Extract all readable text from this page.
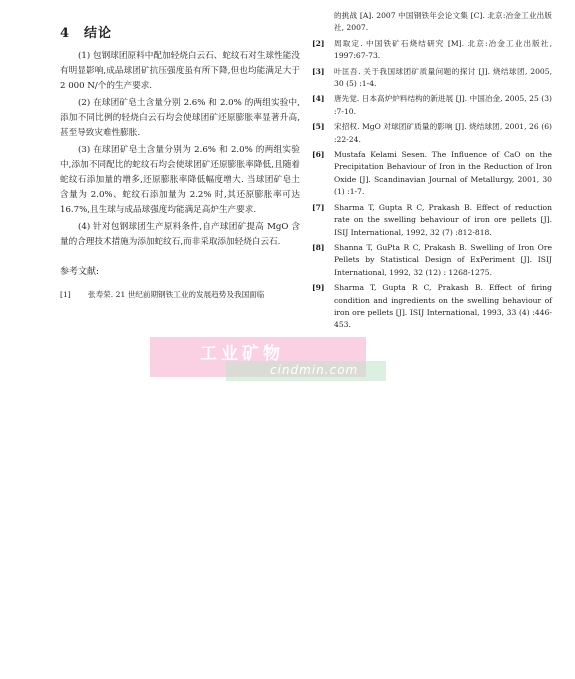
4 结论

(1) 包钢球团原料中配加轻烧白云石、蛇纹石对生球性能没有明显影响,成品球团矿抗压强度虽有所下降,但也均能满足大于 2 000 N/个的生产要求.

(2) 在球团矿皂土含量分别 2.6% 和 2.0% 的两组实验中,添加不同比例的轻烧白云石均会使球团矿还原膨胀率显著升高,甚至导致灾难性膨胀.

(3) 在球团矿皂土含量分别为 2.6% 和 2.0% 的两组实验中,添加不同配比的蛇纹石均会使球团矿还原膨胀率降低,且随着蛇纹石添加量的增多,还原膨胀率降低幅度增大. 当球团矿皂土含量为 2.0%、蛇纹石添加量为 2.2% 时,其还原膨胀率可达 16.7%,且生球与成品球强度均能满足高炉生产要求.

(4) 针对包钢球团生产原料条件,自产球团矿提高 MgO 含量的合理技术措施为添加蛇纹石,而非采取添加轻烧白云石.

参考文献:
[1]	张寿荣. 21 世纪前期钢铁工业的发展趋势及我国面临
的挑战 [A]. 2007 中国钢铁年会论文集 [C]. 北京:冶金工业出版社, 2007.
[2]	周取定. 中国铁矿石烧结研究 [M]. 北京:冶金工业出版社, 1997:67-73.
[3]	叶匡吾. 关于我国球团矿质量问题的探讨 [J]. 烧结球团, 2005, 30 (5) :1-4.
[4]	唐先觉. 日本高炉炉料结构的新进展 [J]. 中国冶金, 2005, 25 (3) :7-10.
[5]	宋招权. MgO 对球团矿质量的影响 [J]. 烧结球团, 2001, 26 (6) :22-24.
[6]	Mustafa Kelami Sesen. The Influence of CaO on the Precipitation Behaviour of Iron in the Reduction of Iron Oxide [J]. Scandinavian Journal of Metallurgy, 2001, 30 (1) :1-7.
[7]	Sharma T, Gupta R C, Prakash B. Effect of reduction rate on the swelling behaviour of iron ore pellets [J]. ISIJ International, 1992, 32 (7) :812-818.
[8]	Shanna T, GuPta R C, Prakash B. Swelling of Iron Ore Pellets by Statistical Design of ExPeriment [J]. ISIJ International, 1992, 32 (12) : 1268-1275.
[9]	Sharma T, Gupta R C, Prakash B. Effect of firing condition and ingredients on the swelling behaviour of iron ore pellets [J]. ISIJ International, 1993, 33 (4) :446-453.
工业矿物
cindmin.com
